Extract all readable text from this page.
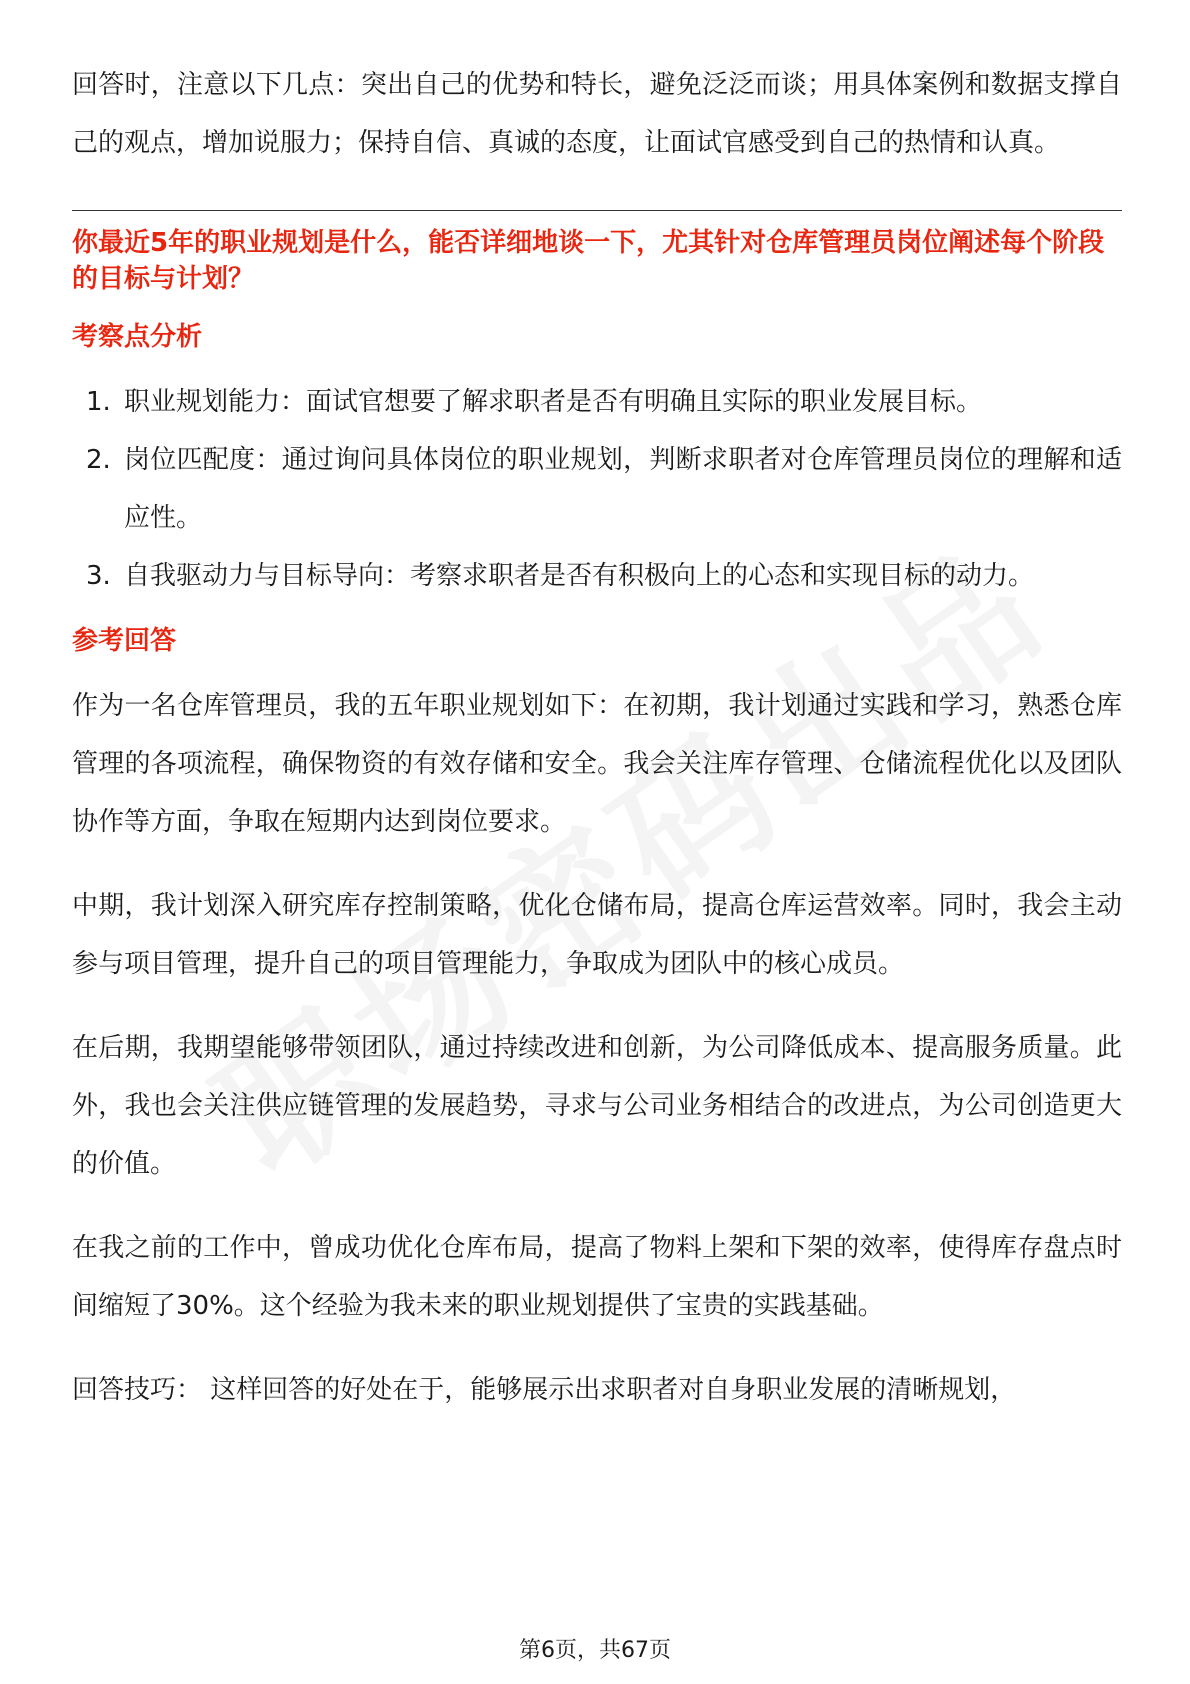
回答时，注意以下几点：突出自己的优势和特长，避免泛泛而谈；用具体案例和数据支撑自己的观点，增加说服力；保持自信、真诚的态度，让面试官感受到自己的热情和认真。

你最近5年的职业规划是什么，能否详细地谈一下，尤其针对仓库管理员岗位阐述每个阶段的目标与计划？

考察点分析

1. 职业规划能力：面试官想要了解求职者是否有明确且实际的职业发展目标。
2. 岗位匹配度：通过询问具体岗位的职业规划，判断求职者对仓库管理员岗位的理解和适应性。
3. 自我驱动力与目标导向：考察求职者是否有积极向上的心态和实现目标的动力。

参考回答

作为一名仓库管理员，我的五年职业规划如下：在初期，我计划通过实践和学习，熟悉仓库管理的各项流程，确保物资的有效存储和安全。我会关注库存管理、仓储流程优化以及团队协作等方面，争取在短期内达到岗位要求。

中期，我计划深入研究库存控制策略，优化仓储布局，提高仓库运营效率。同时，我会主动参与项目管理，提升自己的项目管理能力，争取成为团队中的核心成员。

在后期，我期望能够带领团队，通过持续改进和创新，为公司降低成本、提高服务质量。此外，我也会关注供应链管理的发展趋势，寻求与公司业务相结合的改进点，为公司创造更大的价值。

在我之前的工作中，曾成功优化仓库布局，提高了物料上架和下架的效率，使得库存盘点时间缩短了30%。这个经验为我未来的职业规划提供了宝贵的实践基础。

回答技巧： 这样回答的好处在于，能够展示出求职者对自身职业发展的清晰规划，

第6页，共67页
